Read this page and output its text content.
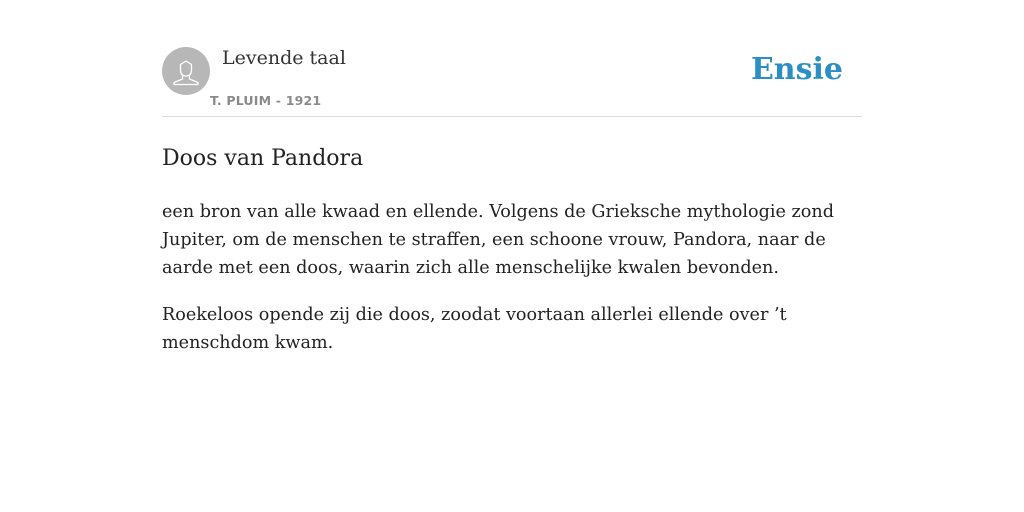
Levende taal
T. PLUIM - 1921
Ensie
Doos van Pandora

een bron van alle kwaad en ellende. Volgens de Grieksche mythologie zond Jupiter, om de menschen te straffen, een schoone vrouw, Pandora, naar de aarde met een doos, waarin zich alle menschelijke kwalen bevonden.

Roekeloos opende zij die doos, zoodat voortaan allerlei ellende over ’t menschdom kwam.
